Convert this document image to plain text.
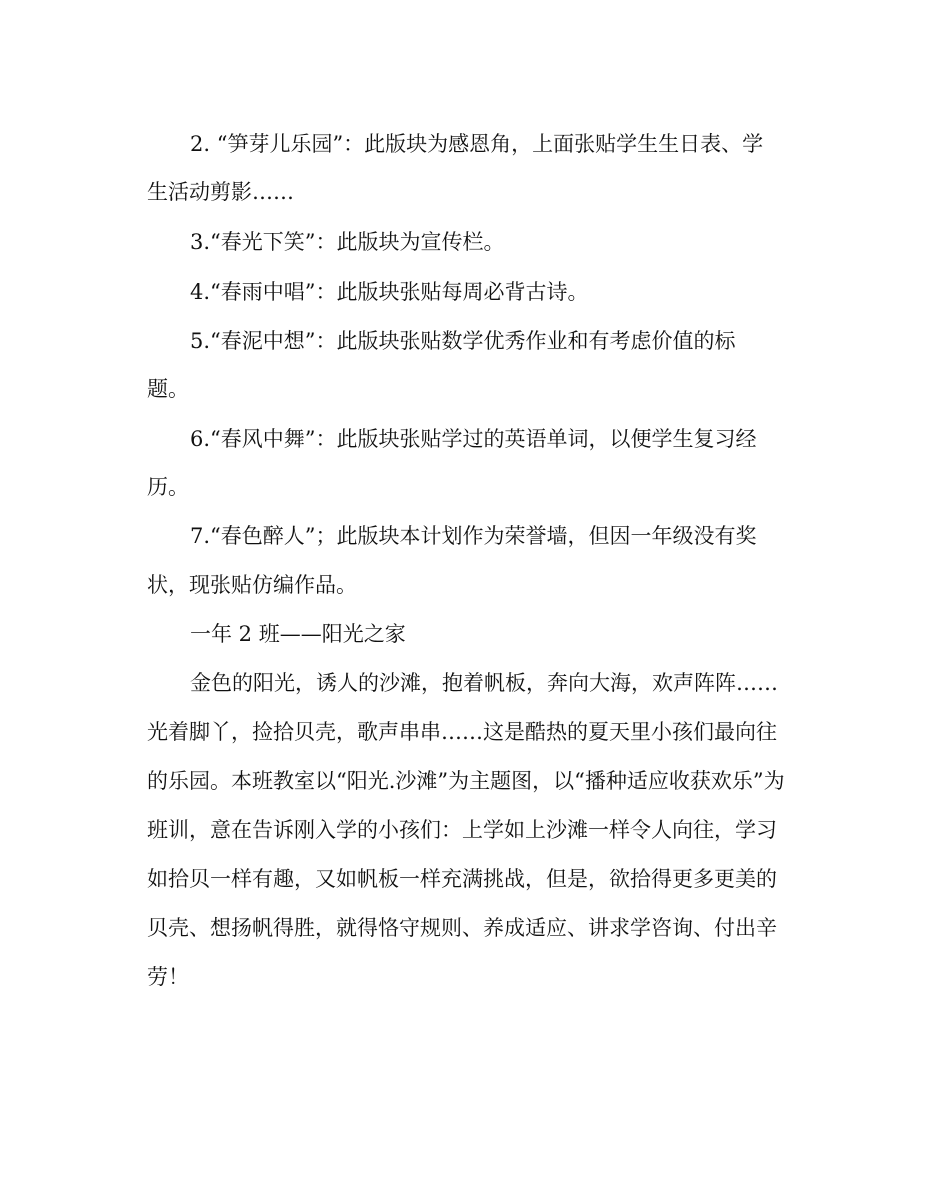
2. “笋芽儿乐园”：此版块为感恩角，上面张贴学生生日表、学
生活动剪影……
3.“春光下笑”：此版块为宣传栏。
4.“春雨中唱”：此版块张贴每周必背古诗。
5.“春泥中想”：此版块张贴数学优秀作业和有考虑价值的标
题。
6.“春风中舞”：此版块张贴学过的英语单词，以便学生复习经
历。
7.“春色醉人”；此版块本计划作为荣誉墙，但因一年级没有奖
状，现张贴仿编作品。
一年 2 班——阳光之家
金色的阳光，诱人的沙滩，抱着帆板，奔向大海，欢声阵阵……
光着脚丫，捡拾贝壳，歌声串串……这是酷热的夏天里小孩们最向往
的乐园。本班教室以“阳光.沙滩”为主题图，以“播种适应收获欢乐”为
班训，意在告诉刚入学的小孩们：上学如上沙滩一样令人向往，学习
如拾贝一样有趣，又如帆板一样充满挑战，但是，欲拾得更多更美的
贝壳、想扬帆得胜，就得恪守规则、养成适应、讲求学咨询、付出辛
劳！
